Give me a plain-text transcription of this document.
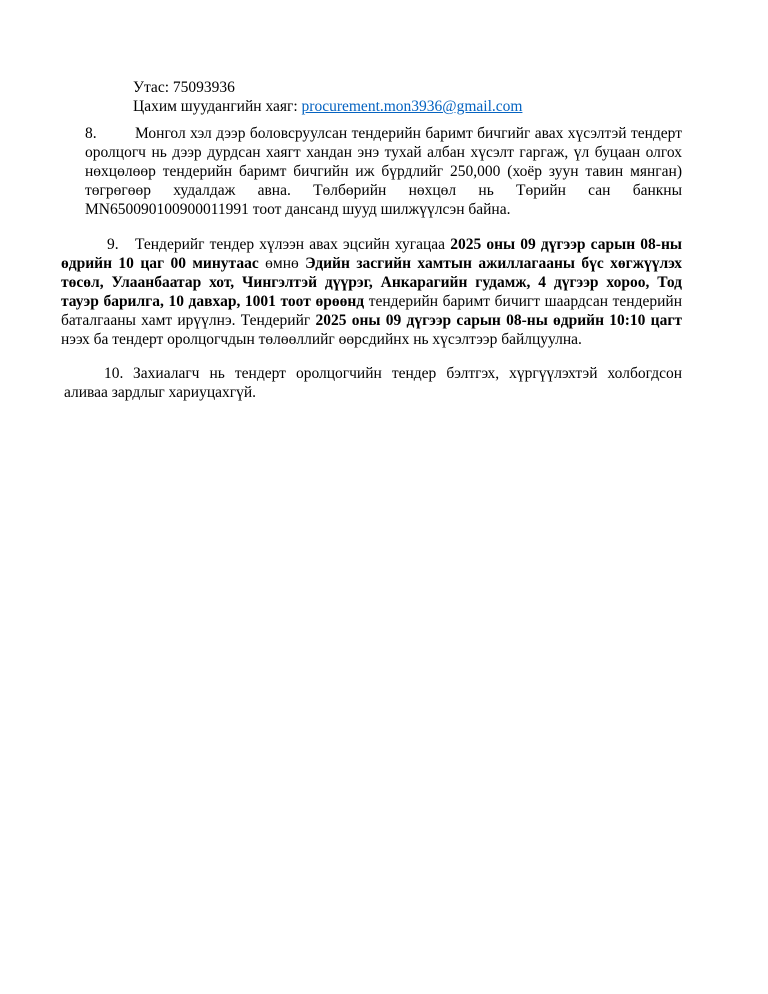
Утас: 75093936
Цахим шуудангийн хаяг: procurement.mon3936@gmail.com

8. Монгол хэл дээр боловсруулсан тендерийн баримт бичгийг авах хүсэлтэй тендерт оролцогч нь дээр дурдсан хаягт хандан энэ тухай албан хүсэлт гаргаж, үл буцаан олгох нөхцөлөөр тендерийн баримт бичгийн иж бүрдлийг 250,000 (хоёр зуун тавин мянган) төгрөгөөр худалдаж авна. Төлбөрийн нөхцөл нь Төрийн сан банкны MN650090100900011991 тоот дансанд шууд шилжүүлсэн байна.

9. Тендерийг тендер хүлээн авах эцсийн хугацаа 2025 оны 09 дүгээр сарын 08-ны өдрийн 10 цаг 00 минутаас өмнө Эдийн засгийн хамтын ажиллагааны бүс хөгжүүлэх төсөл, Улаанбаатар хот, Чингэлтэй дүүрэг, Анкарагийн гудамж, 4 дүгээр хороо, Тод тауэр барилга, 10 давхар, 1001 тоот өрөөнд тендерийн баримт бичигт шаардсан тендерийн баталгааны хамт ирүүлнэ. Тендерийг 2025 оны 09 дүгээр сарын 08-ны өдрийн 10:10 цагт нээх ба тендерт оролцогчдын төлөөллийг өөрсдийнх нь хүсэлтээр байлцуулна.

10. Захиалагч нь тендерт оролцогчийн тендер бэлтгэх, хүргүүлэхтэй холбогдсон аливаа зардлыг хариуцахгүй.
